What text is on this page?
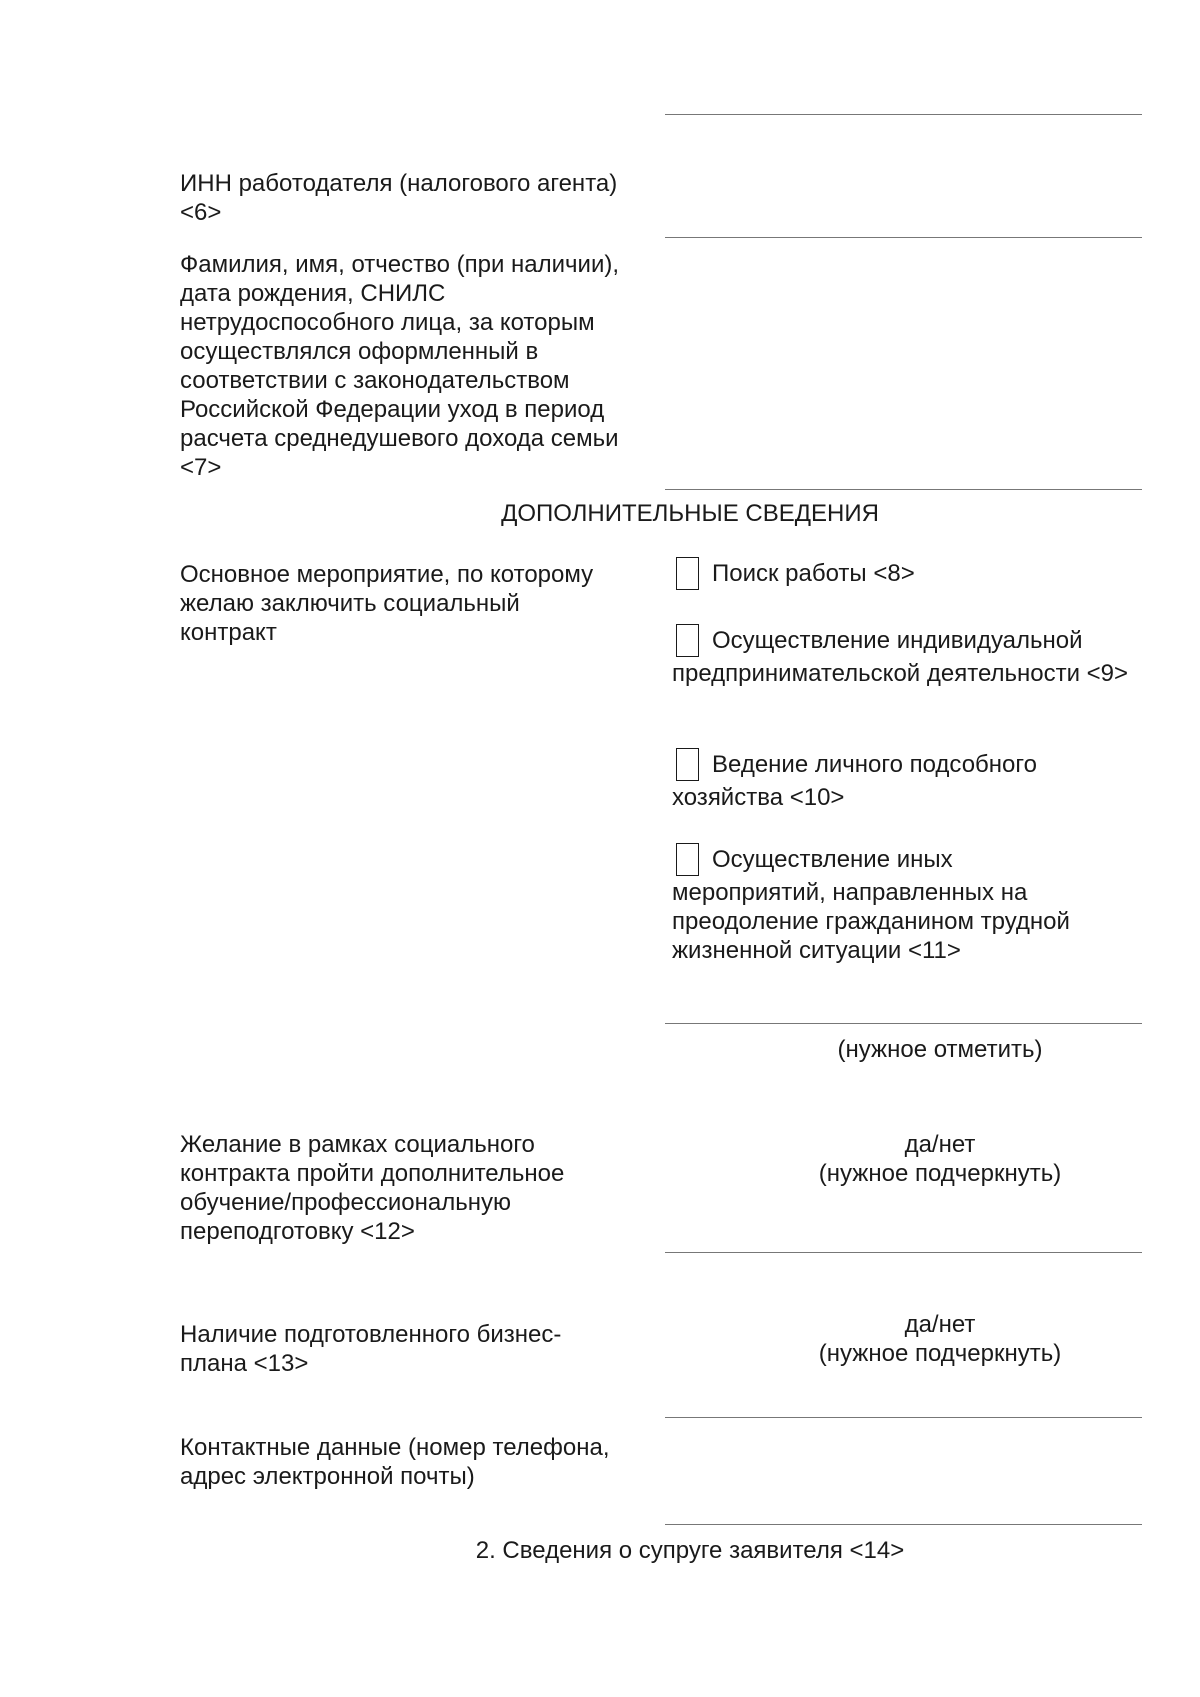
ИНН работодателя (налогового агента) <6>

Фамилия, имя, отчество (при наличии), дата рождения, СНИЛС нетрудоспособного лица, за которым осуществлялся оформленный в соответствии с законодательством Российской Федерации уход в период расчета среднедушевого дохода семьи <7>

ДОПОЛНИТЕЛЬНЫЕ СВЕДЕНИЯ

Основное мероприятие, по которому желаю заключить социальный контракт

Поиск работы <8>
Осуществление индивидуальной
предпринимательской деятельности <9>
Ведение личного подсобного
хозяйства <10>
Осуществление иных
мероприятий, направленных на преодоление гражданином трудной жизненной ситуации <11>
(нужное отметить)

Желание в рамках социального контракта пройти дополнительное обучение/профессиональную переподготовку <12>

да/нет
(нужное подчеркнуть)

Наличие подготовленного бизнес-плана <13>

да/нет
(нужное подчеркнуть)

Контактные данные (номер телефона, адрес электронной почты)

2. Сведения о супруге заявителя <14>
